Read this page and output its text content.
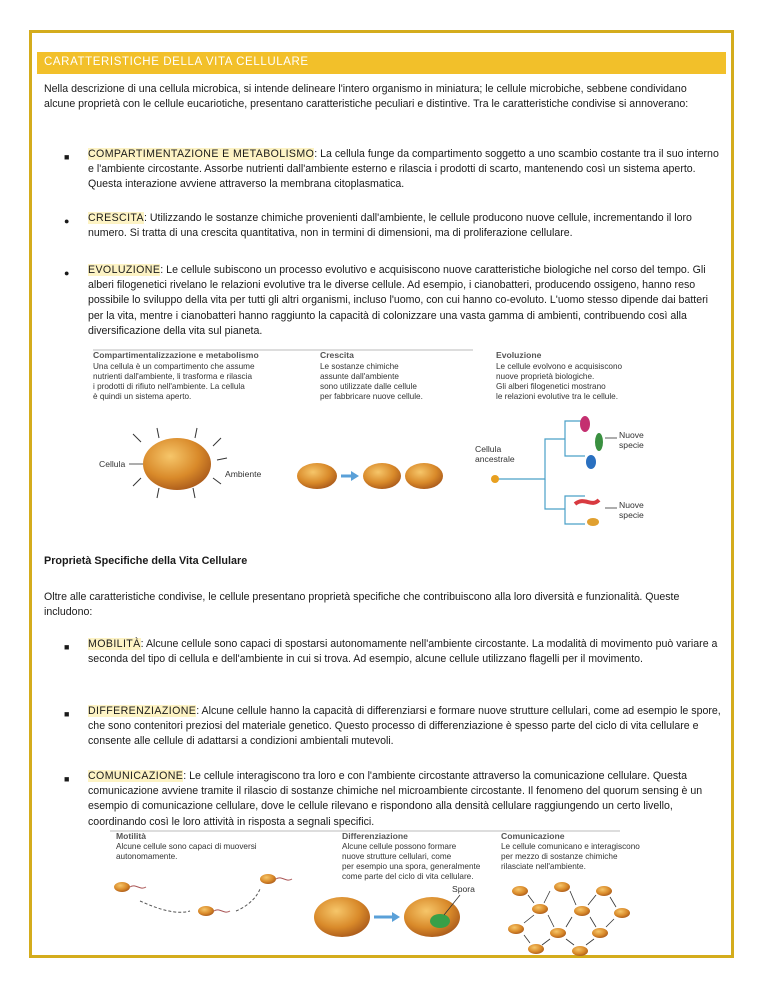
CARATTERISTICHE DELLA VITA CELLULARE
Nella descrizione di una cellula microbica, si intende delineare l'intero organismo in miniatura; le cellule microbiche, sebbene condividano alcune proprietà con le cellule eucariotiche, presentano caratteristiche peculiari e distintive. Tra le caratteristiche condivise si annoverano:
■ COMPARTIMENTAZIONE E METABOLISMO: La cellula funge da compartimento soggetto a uno scambio costante tra il suo interno e l'ambiente circostante. Assorbe nutrienti dall'ambiente esterno e rilascia i prodotti di scarto, mantenendo così un sistema aperto. Questa interazione avviene attraverso la membrana citoplasmatica.
● CRESCITA: Utilizzando le sostanze chimiche provenienti dall'ambiente, le cellule producono nuove cellule, incrementando il loro numero. Si tratta di una crescita quantitativa, non in termini di dimensioni, ma di proliferazione cellulare.
● EVOLUZIONE: Le cellule subiscono un processo evolutivo e acquisiscono nuove caratteristiche biologiche nel corso del tempo. Gli alberi filogenetici rivelano le relazioni evolutive tra le diverse cellule. Ad esempio, i cianobatteri, producendo ossigeno, hanno reso possibile lo sviluppo della vita per tutti gli altri organismi, incluso l'uomo, con cui hanno co-evoluto. L'uomo stesso dipende dai batteri per la vita, mentre i cianobatteri hanno raggiunto la capacità di colonizzare una vasta gamma di ambienti, contribuendo così alla diversificazione della vita sul pianeta.
Compartimentalizzazione e metabolismo
Una cellula è un compartimento che assume
nutrienti dall'ambiente, li trasforma e rilascia
i prodotti di rifiuto nell'ambiente. La cellula
è quindi un sistema aperto.
Crescita
Le sostanze chimiche
assunte dall'ambiente
sono utilizzate dalle cellule
per fabbricare nuove cellule.
Evoluzione
Le cellule evolvono e acquisiscono
nuove proprietà biologiche.
Gli alberi filogenetici mostrano
le relazioni evolutive tra le cellule.
Cellula
Ambiente
Cellula
ancestrale
Nuove
specie
Nuove
specie
Proprietà Specifiche della Vita Cellulare
Oltre alle caratteristiche condivise, le cellule presentano proprietà specifiche che contribuiscono alla loro diversità e funzionalità. Queste includono:
■ MOBILITÀ: Alcune cellule sono capaci di spostarsi autonomamente nell'ambiente circostante. La modalità di movimento può variare a seconda del tipo di cellula e dell'ambiente in cui si trova. Ad esempio, alcune cellule utilizzano flagelli per il movimento.
■ DIFFERENZIAZIONE: Alcune cellule hanno la capacità di differenziarsi e formare nuove strutture cellulari, come ad esempio le spore, che sono contenitori preziosi del materiale genetico. Questo processo di differenziazione è spesso parte del ciclo di vita cellulare e consente alle cellule di adattarsi a condizioni ambientali mutevoli.
■ COMUNICAZIONE: Le cellule interagiscono tra loro e con l'ambiente circostante attraverso la comunicazione cellulare. Questa comunicazione avviene tramite il rilascio di sostanze chimiche nel microambiente circostante. Il fenomeno del quorum sensing è un esempio di comunicazione cellulare, dove le cellule rilevano e rispondono alla densità cellulare raggiungendo un certo livello, coordinando così le loro attività in risposta a segnali specifici.
Motilità
Alcune cellule sono capaci di muoversi
autonomamente.
Differenziazione
Alcune cellule possono formare
nuove strutture cellulari, come
per esempio una spora, generalmente
come parte del ciclo di vita cellulare.
Comunicazione
Le cellule comunicano e interagiscono
per mezzo di sostanze chimiche
rilasciate nell'ambiente.
Spora
